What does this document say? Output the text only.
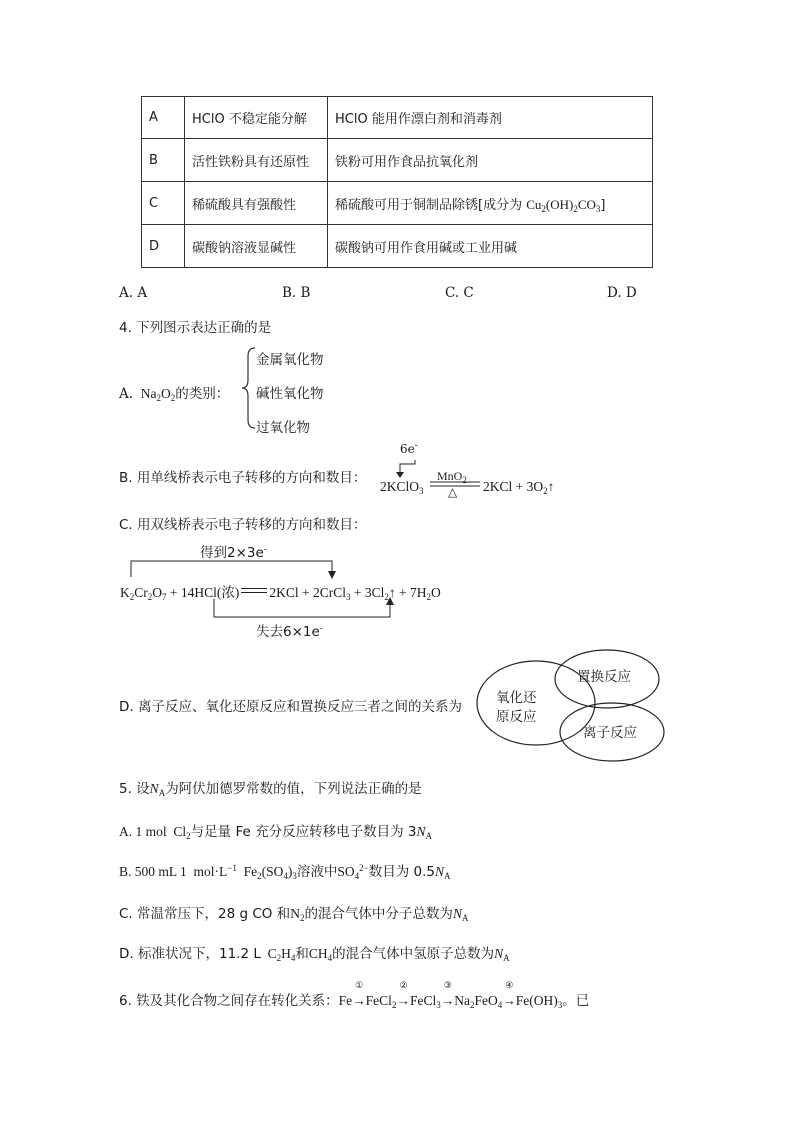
A	HClO 不稳定能分解	HClO 能用作漂白剂和消毒剂
B	活性铁粉具有还原性	铁粉可用作食品抗氧化剂
C	稀硫酸具有强酸性	稀硫酸可用于铜制品除锈[成分为 $Cu_2(OH)_2CO_3$]
D	碳酸钠溶液显碱性	碳酸钠可用作食用碱或工业用碱
A. A	B. B	C. C	D. D
4. 下列图示表达正确的是
A.  $Na_2O_2$的类别：
金属氧化物
碱性氧化物
过氧化物
B. 用单线桥表示电子转移的方向和数目：
6e-
2KClO$_3$
MnO$_2$
△ $2KCl + 3O_2↑$
C. 用双线桥表示电子转移的方向和数目：
得到2×3e-
$K_2Cr_2O_7 + 14HCl$(浓) 2KCl + 2CrCl$_3$ + $3Cl_2↑ + 7H_2O$
失去6×1e-
D. 离子反应、氧化还原反应和置换反应三者之间的关系为
氧化还
原反应
置换反应
离子反应
5. 设$N_A$为阿伏加德罗常数的值，下列说法正确的是
A. 1 mol  $Cl_2$与足量 Fe 充分反应转移电子数目为 $3N_A$
B. 500 mL 1 $mol\cdot L^{-1}$  $Fe_2(SO_4)_3$溶液中$SO_4^{2-}$数目为 $0.5N_A$
C. 常温常压下，28 g CO 和$N_2$的混合气体中分子总数为$N_A$
D. 标准状况下，11.2 L  $C_2H_4$和$CH_4$的混合气体中氢原子总数为$N_A$
6. 铁及其化合物之间存在转化关系：Fe→
①
FeCl$_2$→
②
FeCl$_3$→
③
$Na_2FeO_4\to$
④
$Fe(OH)_3$。已
